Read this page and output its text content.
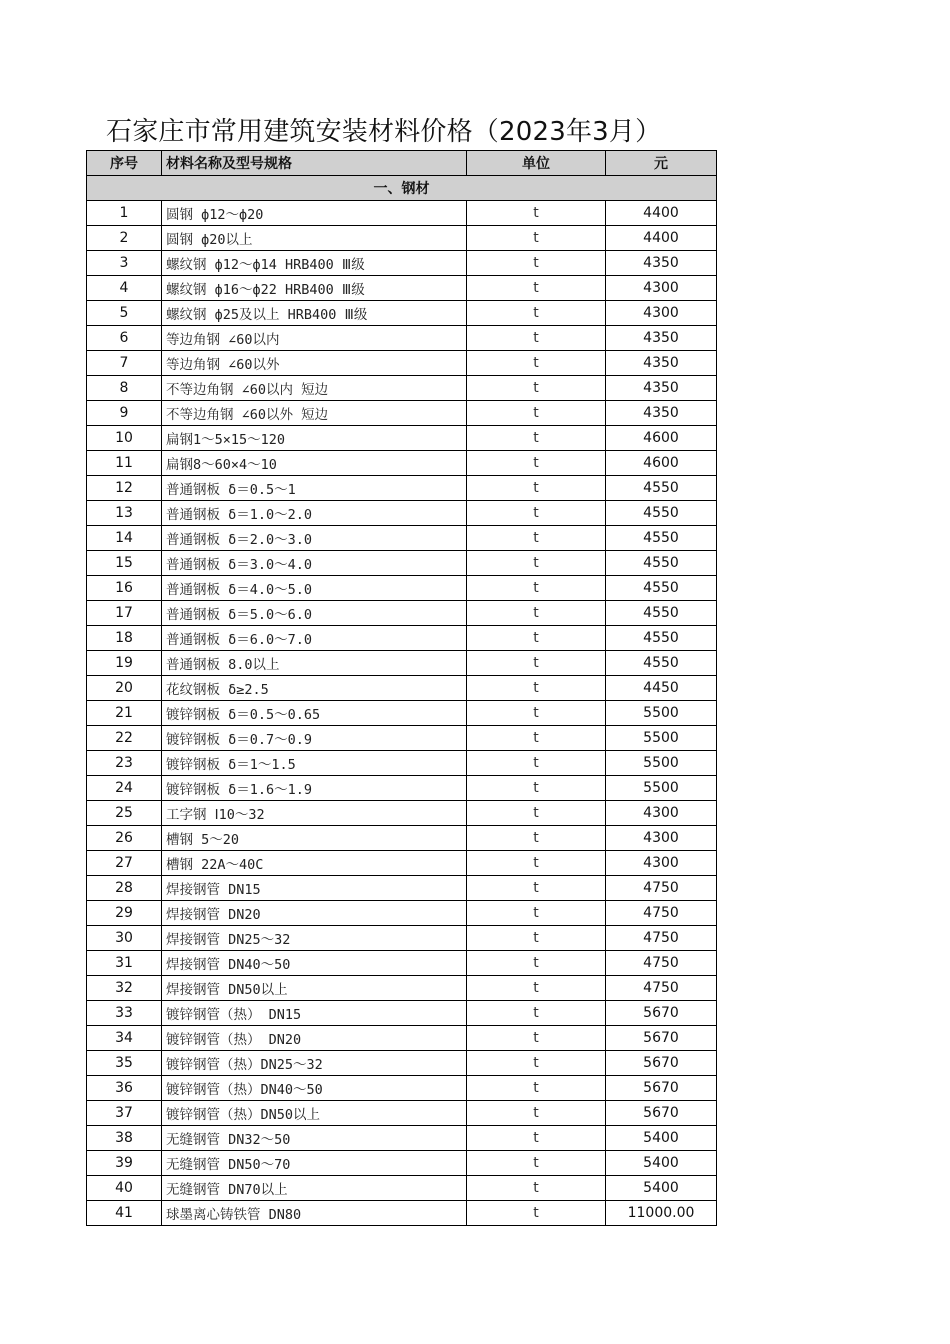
石家庄市常用建筑安装材料价格（2023年3月）
序号	材料名称及型号规格	单位	元
一、钢材			
1	圆钢 ф12～ф20	t	4400
2	圆钢 ф20以上	t	4400
3	螺纹钢 ф12～ф14 HRB400 Ⅲ级	t	4350
4	螺纹钢 ф16～ф22 HRB400 Ⅲ级	t	4300
5	螺纹钢 ф25及以上 HRB400 Ⅲ级	t	4300
6	等边角钢 ∠60以内	t	4350
7	等边角钢 ∠60以外	t	4350
8	不等边角钢 ∠60以内 短边	t	4350
9	不等边角钢 ∠60以外 短边	t	4350
10	扁钢1～5×15～120	t	4600
11	扁钢8～60×4～10	t	4600
12	普通钢板 δ＝0.5～1	t	4550
13	普通钢板 δ＝1.0～2.0	t	4550
14	普通钢板 δ＝2.0～3.0	t	4550
15	普通钢板 δ＝3.0～4.0	t	4550
16	普通钢板 δ＝4.0～5.0	t	4550
17	普通钢板 δ＝5.0～6.0	t	4550
18	普通钢板 δ＝6.0～7.0	t	4550
19	普通钢板 8.0以上	t	4550
20	花纹钢板 δ≥2.5	t	4450
21	镀锌钢板 δ＝0.5～0.65	t	5500
22	镀锌钢板 δ＝0.7～0.9	t	5500
23	镀锌钢板 δ＝1～1.5	t	5500
24	镀锌钢板 δ＝1.6～1.9	t	5500
25	工字钢 Ⅰ10～32	t	4300
26	槽钢 5～20	t	4300
27	槽钢 22A～40C	t	4300
28	焊接钢管 DN15	t	4750
29	焊接钢管 DN20	t	4750
30	焊接钢管 DN25～32	t	4750
31	焊接钢管 DN40～50	t	4750
32	焊接钢管 DN50以上	t	4750
33	镀锌钢管（热） DN15	t	5670
34	镀锌钢管（热） DN20	t	5670
35	镀锌钢管（热）DN25～32	t	5670
36	镀锌钢管（热）DN40～50	t	5670
37	镀锌钢管（热）DN50以上	t	5670
38	无缝钢管 DN32～50	t	5400
39	无缝钢管 DN50～70	t	5400
40	无缝钢管 DN70以上	t	5400
41	球墨离心铸铁管 DN80	t	11000.00
